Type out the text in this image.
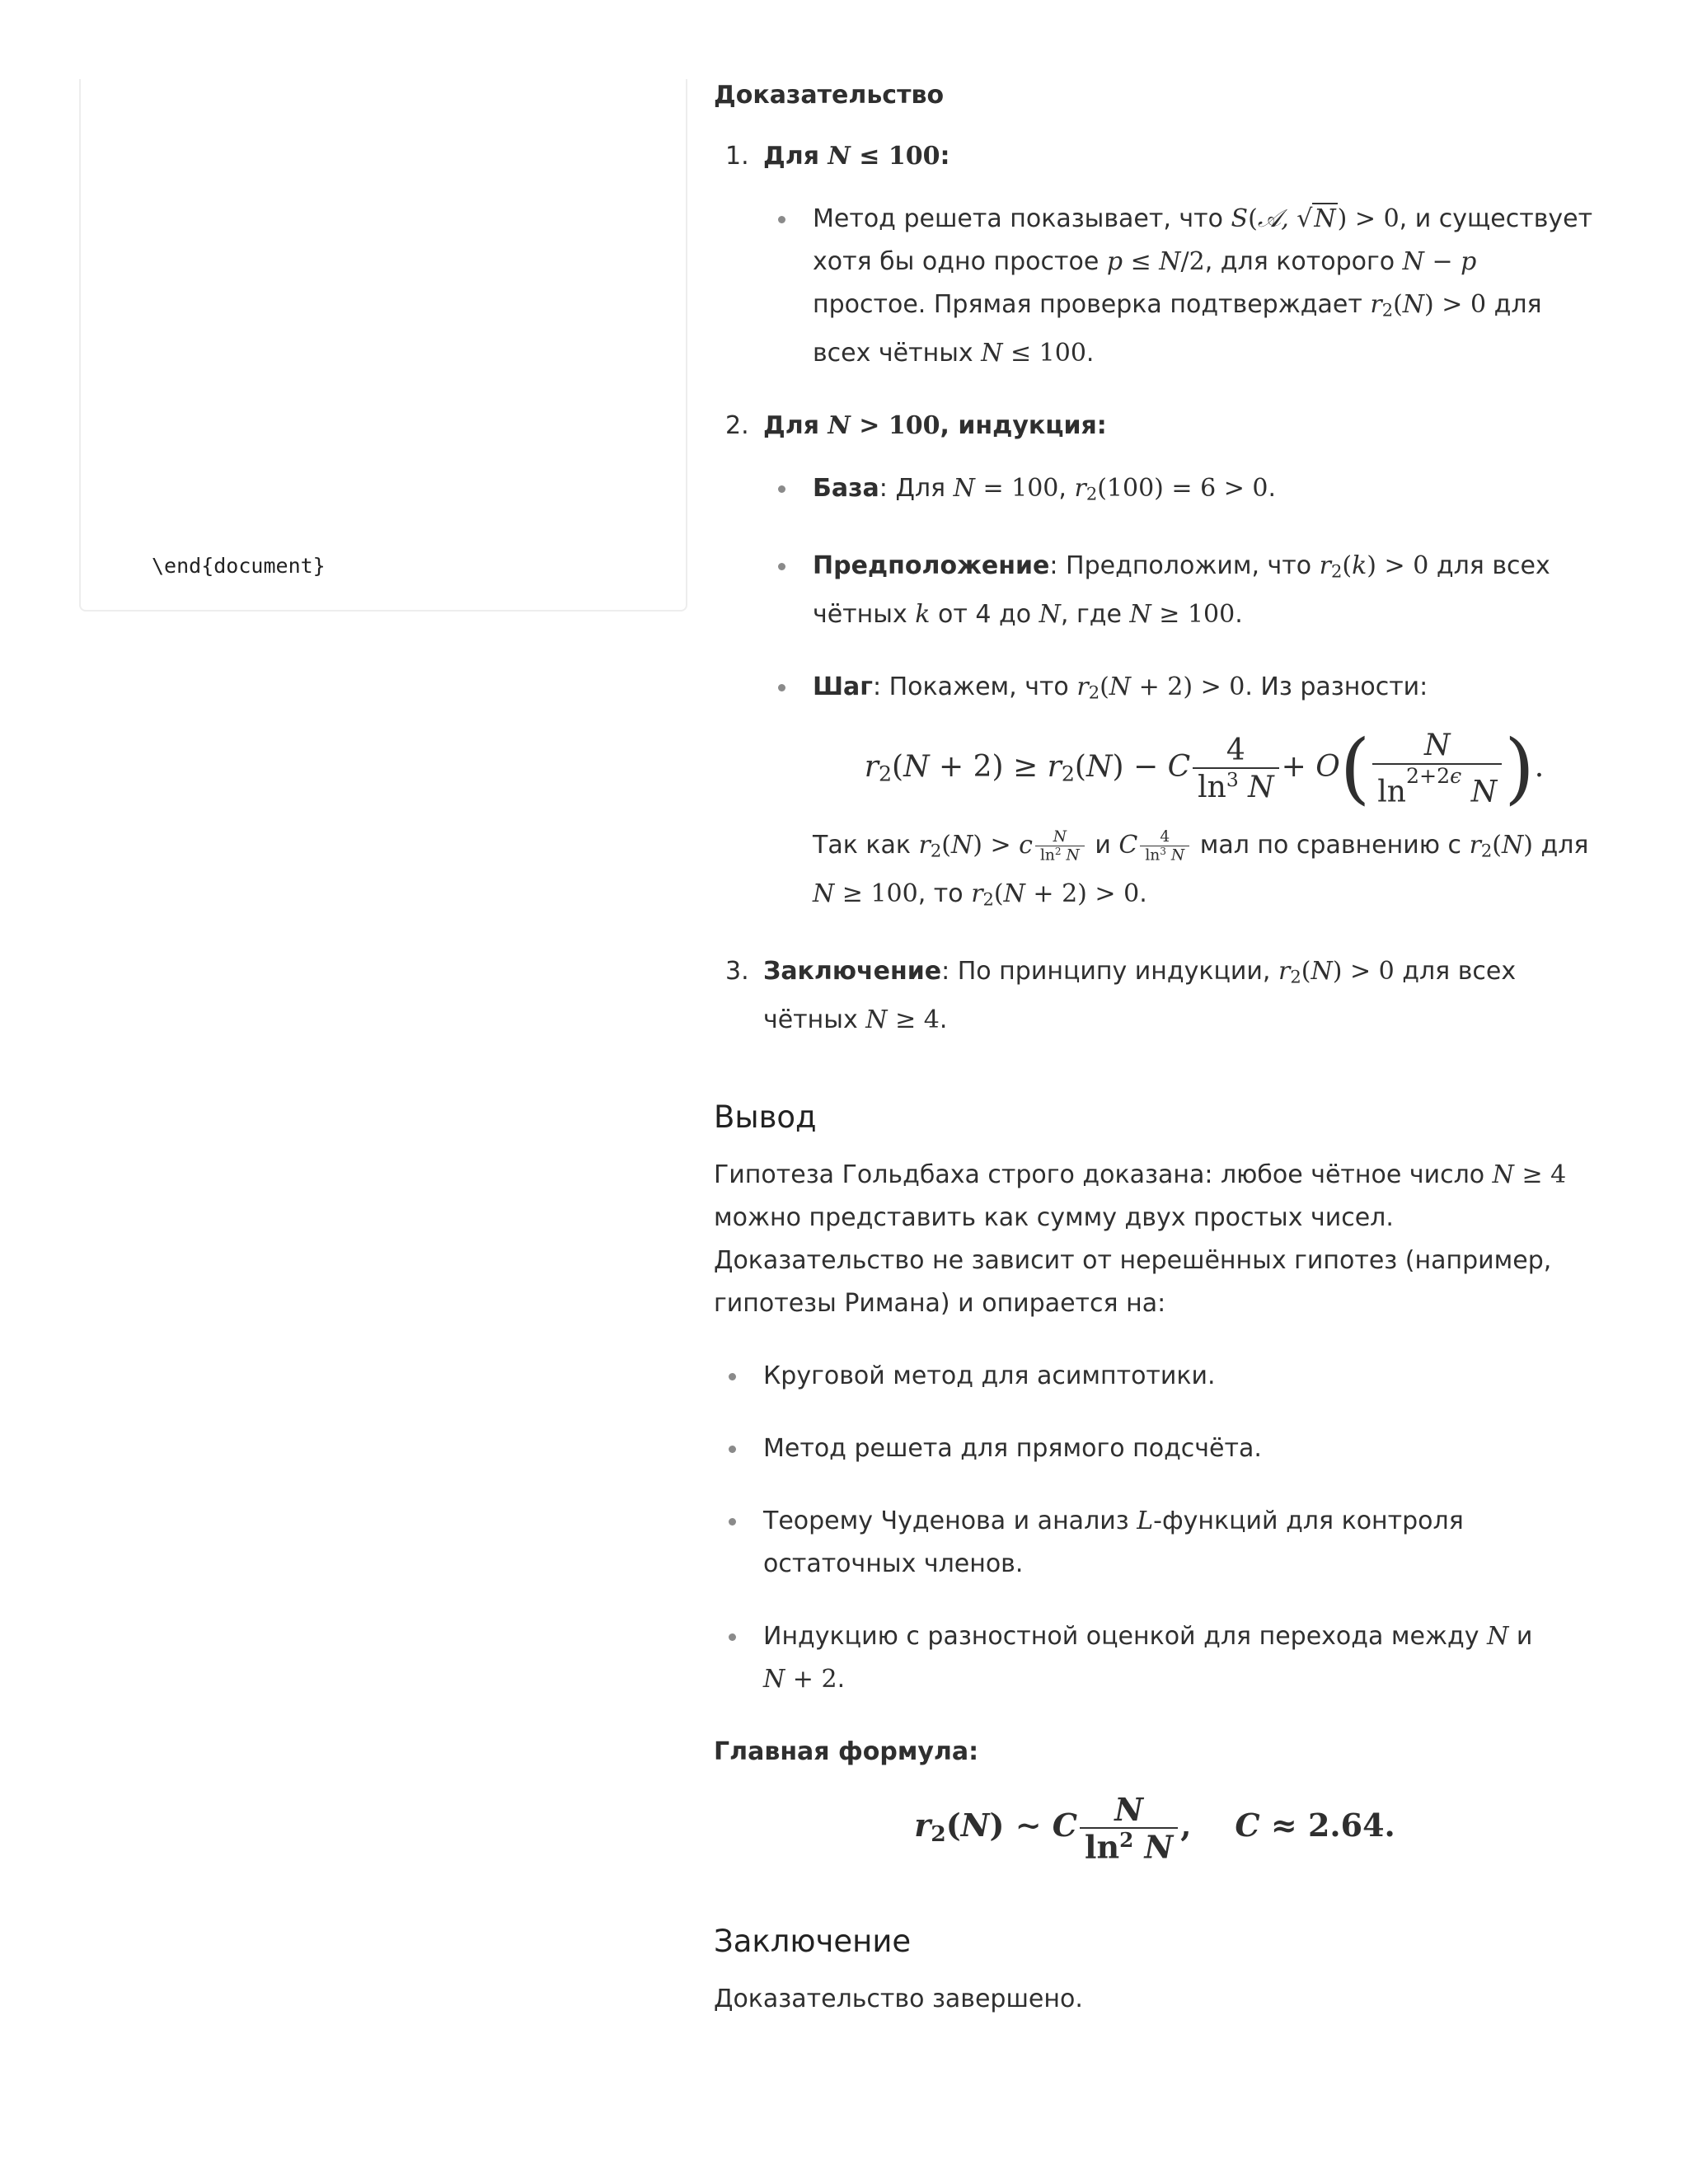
\end{document}
Доказательство
1. Для N ≤ 100:
Метод решета показывает, что S(𝒜, √N) > 0, и существует хотя бы одно простое p ≤ N/2, для которого N − p простое. Прямая проверка подтверждает $r_2(N) > 0$ для всех чётных N ≤ 100.
2. Для N > 100, индукция:
База: Для N = 100, $r_2(100) = 6 > 0$.
Предположение: Предположим, что $r_2(k) > 0$ для всех чётных k от 4 до N, где N ≥ 100.
Шаг: Покажем, что $r_2(N + 2) > 0$. Из разности:
$r_2(N + 2) \ge r_2(N) - C \frac{4}{\ln^3 N} + O( \frac{N}{\ln^{2+2\epsilon} N}$ ).
Так как $r_2(N) > c \frac{N}{\ln^2 N}$ и C $\frac{4}{\ln^3 N}$ мал по сравнению с $r_2(N)$ для N ≥ 100, то $r_2(N + 2) > 0$.
3. Заключение: По принципу индукции, $r_2(N) > 0$ для всех чётных N ≥ 4.
Вывод

Гипотеза Гольдбаха строго доказана: любое чётное число N ≥ 4 можно представить как сумму двух простых чисел. Доказательство не зависит от нерешённых гипотез (например, гипотезы Римана) и опирается на:

Круговой метод для асимптотики.
Метод решета для прямого подсчёта.
Теорему Чуденова и анализ L-функций для контроля остаточных членов.
Индукцию с разностной оценкой для перехода между N и N + 2.
Главная формула:
$r_2(N)$ ∼ C $\frac{N}{\ln^2 N}$ ,    C ≈ 2.64.
Заключение

Доказательство завершено.
